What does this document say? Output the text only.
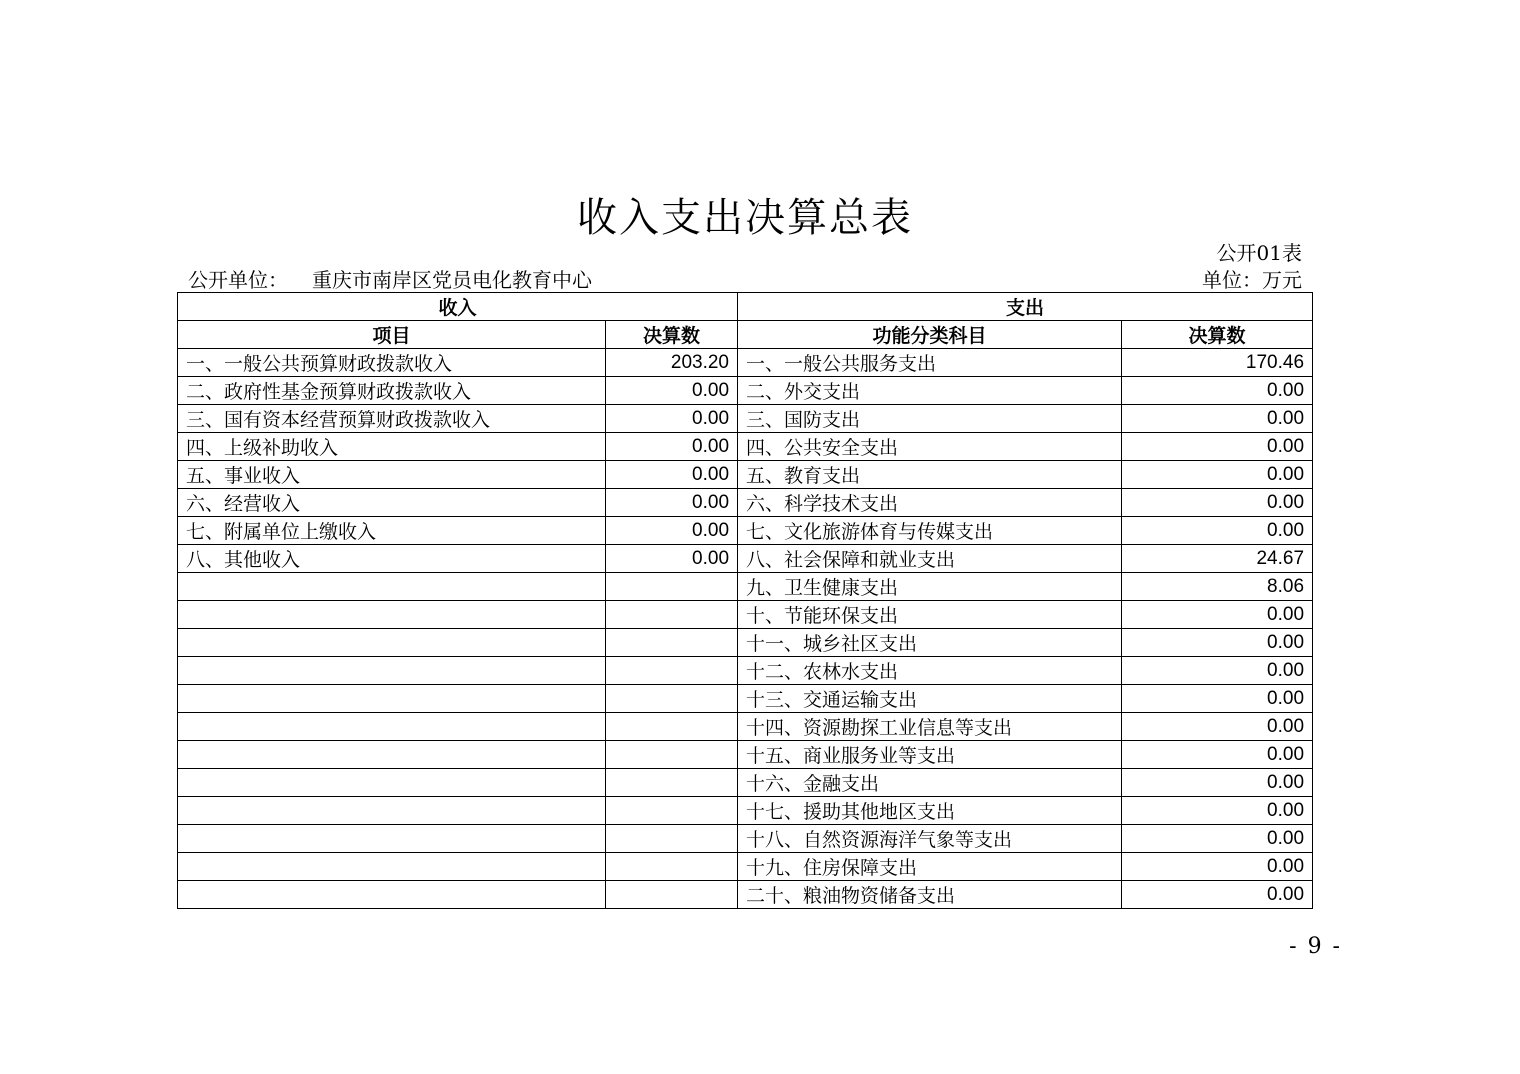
收入支出决算总表
公开01表
公开单位： 重庆市南岸区党员电化教育中心	单位：万元
收入		支出	
项目	决算数	功能分类科目	决算数
一、一般公共预算财政拨款收入	203.20	一、一般公共服务支出	170.46
二、政府性基金预算财政拨款收入	0.00	二、外交支出	0.00
三、国有资本经营预算财政拨款收入	0.00	三、国防支出	0.00
四、上级补助收入	0.00	四、公共安全支出	0.00
五、事业收入	0.00	五、教育支出	0.00
六、经营收入	0.00	六、科学技术支出	0.00
七、附属单位上缴收入	0.00	七、文化旅游体育与传媒支出	0.00
八、其他收入	0.00	八、社会保障和就业支出	24.67
		九、卫生健康支出	8.06
		十、节能环保支出	0.00
		十一、城乡社区支出	0.00
		十二、农林水支出	0.00
		十三、交通运输支出	0.00
		十四、资源勘探工业信息等支出	0.00
		十五、商业服务业等支出	0.00
		十六、金融支出	0.00
		十七、援助其他地区支出	0.00
		十八、自然资源海洋气象等支出	0.00
		十九、住房保障支出	0.00
		二十、粮油物资储备支出	0.00
- 9 -
